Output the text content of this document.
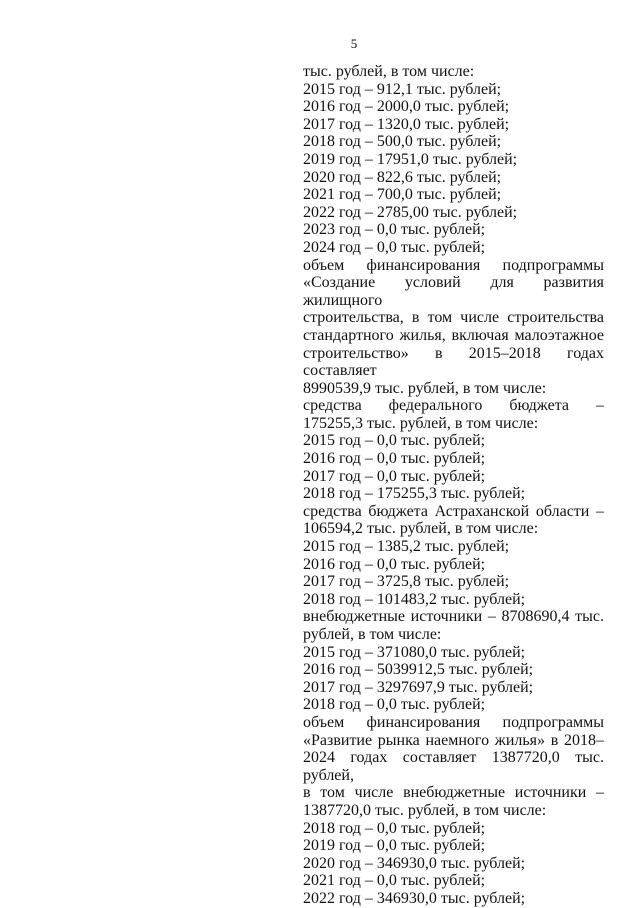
5
тыс. рублей, в том числе:
2015 год – 912,1 тыс. рублей;
2016 год – 2000,0 тыс. рублей;
2017 год – 1320,0 тыс. рублей;
2018 год – 500,0 тыс. рублей;
2019 год – 17951,0 тыс. рублей;
2020 год – 822,6 тыс. рублей;
2021 год – 700,0 тыс. рублей;
2022 год – 2785,00 тыс. рублей;
2023 год – 0,0 тыс. рублей;
2024 год – 0,0 тыс. рублей;
объем финансирования подпрограммы
«Создание условий для развития жилищного
строительства, в том числе строительства
стандартного жилья, включая малоэтажное
строительство» в 2015–2018 годах составляет
8990539,9 тыс. рублей, в том числе:
средства федерального бюджета –
175255,3 тыс. рублей, в том числе:
2015 год – 0,0 тыс. рублей;
2016 год – 0,0 тыс. рублей;
2017 год – 0,0 тыс. рублей;
2018 год – 175255,3 тыс. рублей;
средства бюджета Астраханской области –
106594,2 тыс. рублей, в том числе:
2015 год – 1385,2 тыс. рублей;
2016 год – 0,0 тыс. рублей;
2017 год – 3725,8 тыс. рублей;
2018 год – 101483,2 тыс. рублей;
внебюджетные источники – 8708690,4 тыс.
рублей, в том числе:
2015 год – 371080,0 тыс. рублей;
2016 год – 5039912,5 тыс. рублей;
2017 год – 3297697,9 тыс. рублей;
2018 год – 0,0 тыс. рублей;
объем финансирования подпрограммы
«Развитие рынка наемного жилья» в 2018–
2024 годах составляет 1387720,0 тыс. рублей,
в том числе внебюджетные источники –
1387720,0 тыс. рублей, в том числе:
2018 год – 0,0 тыс. рублей;
2019 год – 0,0 тыс. рублей;
2020 год – 346930,0 тыс. рублей;
2021 год – 0,0 тыс. рублей;
2022 год – 346930,0 тыс. рублей;
